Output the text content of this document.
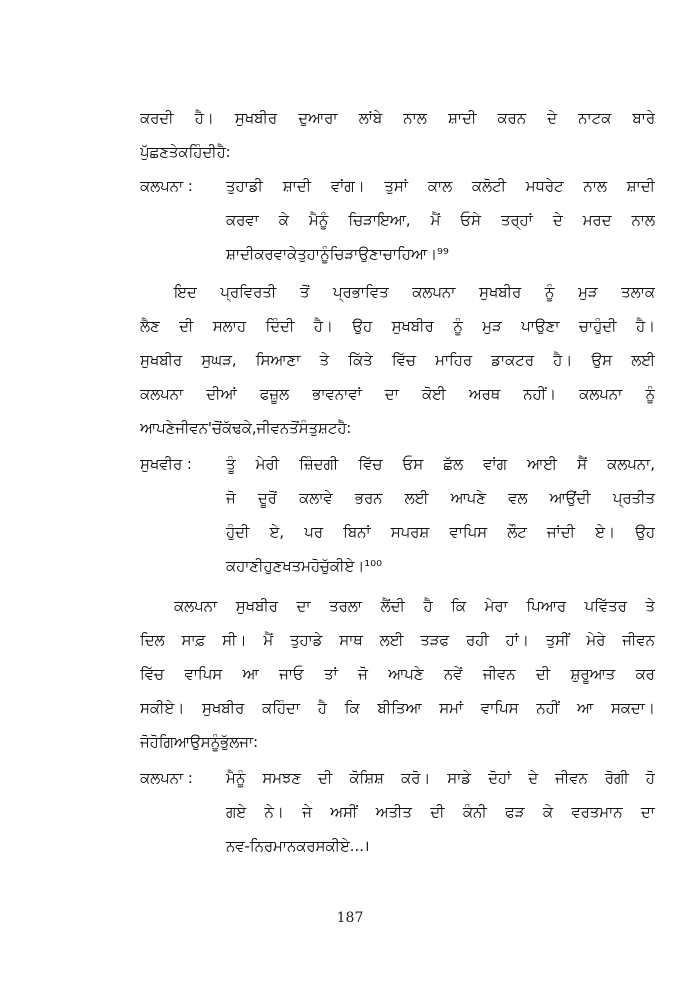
ਕਰਦੀ ਹੈ। ਸੁਖਬੀਰ ਦੁਆਰਾ ਲਾਂਬੇ ਨਾਲ ਸ਼ਾਦੀ ਕਰਨ ਦੇ ਨਾਟਕ ਬਾਰੇ
ਪੁੱਛਣ ਤੇ ਕਹਿੰਦੀ ਹੈ :
ਕਲਪਨਾ :	ਤੁਹਾਡੀ ਸ਼ਾਦੀ ਵਾਂਗ। ਤੁਸਾਂ ਕਾਲ ਕਲੋਟੀ ਮਧਰੇਟ ਨਾਲ ਸ਼ਾਦੀ
ਕਰਵਾ ਕੇ ਮੈਨੂੰ ਚਿੜਾਇਆ, ਮੈਂ ਓਸੇ ਤਰ੍ਹਾਂ ਦੇ ਮਰਦ ਨਾਲ
ਸ਼ਾਦੀ ਕਰਵਾ ਕੇ ਤੁਹਾਨੂੰ ਚਿੜਾਉਣਾ ਚਾਹਿਆ।⁹⁹
ਇਦ ਪ੍ਰਵਿਰਤੀ ਤੋਂ ਪ੍ਰਭਾਵਿਤ ਕਲਪਨਾ ਸੁਖਬੀਰ ਨੂੰ ਮੁੜ ਤਲਾਕ
ਲੈਣ ਦੀ ਸਲਾਹ ਦਿੰਦੀ ਹੈ। ਉਹ ਸੁਖਬੀਰ ਨੂੰ ਮੁੜ ਪਾਉਣਾ ਚਾਹੁੰਦੀ ਹੈ।
ਸੁਖਬੀਰ ਸੁਘੜ, ਸਿਆਣਾ ਤੇ ਕਿੱਤੇ ਵਿੱਚ ਮਾਹਿਰ ਡਾਕਟਰ ਹੈ। ਉਸ ਲਈ
ਕਲਪਨਾ ਦੀਆਂ ਫਜ਼ੂਲ ਭਾਵਨਾਵਾਂ ਦਾ ਕੋਈ ਅਰਥ ਨਹੀਂ। ਕਲਪਨਾ ਨੂੰ
ਆਪਣੇ ਜੀਵਨ 'ਚੋਂ ਕੱਢ ਕੇ, ਜੀਵਨ ਤੋਂ ਸੰਤੁਸ਼ਟ ਹੈ :
ਸੁਖਵੀਰ :	ਤੂੰ ਮੇਰੀ ਜ਼ਿੰਦਗੀ ਵਿੱਚ ਓਸ ਛੱਲ ਵਾਂਗ ਆਈ ਸੈਂ ਕਲਪਨਾ,
ਜੋ ਦੂਰੋਂ ਕਲਾਵੇ ਭਰਨ ਲਈ ਆਪਣੇ ਵਲ ਆਉਂਦੀ ਪ੍ਰਤੀਤ
ਹੁੰਦੀ ਏ, ਪਰ ਬਿਨਾਂ ਸਪਰਸ਼ ਵਾਪਿਸ ਲੌਟ ਜਾਂਦੀ ਏ। ਉਹ
ਕਹਾਣੀ ਹੁਣ ਖਤਮ ਹੋ ਚੁੱਕੀ ਏ।¹⁰⁰
ਕਲਪਨਾ ਸੁਖਬੀਰ ਦਾ ਤਰਲਾ ਲੈਂਦੀ ਹੈ ਕਿ ਮੇਰਾ ਪਿਆਰ ਪਵਿੱਤਰ ਤੇ
ਦਿਲ ਸਾਫ਼ ਸੀ। ਮੈਂ ਤੁਹਾਡੇ ਸਾਥ ਲਈ ਤੜਫ ਰਹੀ ਹਾਂ। ਤੁਸੀਂ ਮੇਰੇ ਜੀਵਨ
ਵਿੱਚ ਵਾਪਿਸ ਆ ਜਾਓ ਤਾਂ ਜੋ ਆਪਣੇ ਨਵੇਂ ਜੀਵਨ ਦੀ ਸ਼ੁਰੂਆਤ ਕਰ
ਸਕੀਏ। ਸੁਖਬੀਰ ਕਹਿੰਦਾ ਹੈ ਕਿ ਬੀਤਿਆ ਸਮਾਂ ਵਾਪਿਸ ਨਹੀਂ ਆ ਸਕਦਾ।
ਜੋ ਹੋ ਗਿਆ ਉਸ ਨੂੰ ਭੁੱਲ ਜਾ :
ਕਲਪਨਾ :	ਮੈਨੂੰ ਸਮਝਣ ਦੀ ਕੋਸ਼ਿਸ਼ ਕਰੋ। ਸਾਡੇ ਦੋਹਾਂ ਦੇ ਜੀਵਨ ਰੋਗੀ ਹੋ
ਗਏ ਨੇ। ਜੇ ਅਸੀਂ ਅਤੀਤ ਦੀ ਕੰਨੀ ਫੜ ਕੇ ਵਰਤਮਾਨ ਦਾ
ਨਵ-ਨਿਰਮਾਨ ਕਰ ਸਕੀਏ ...।
187
